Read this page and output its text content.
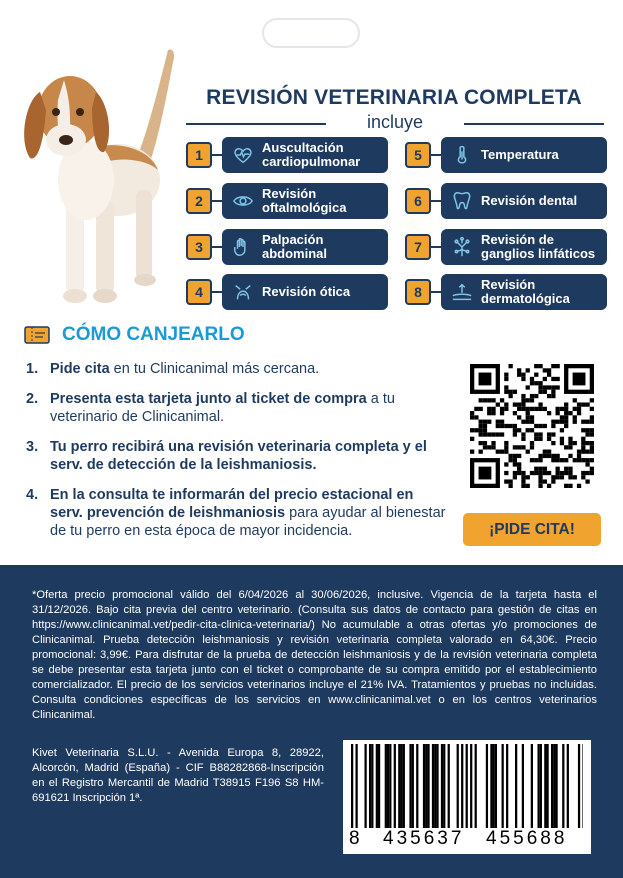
REVISIÓN VETERINARIA COMPLETA
incluye
1	Auscultación
cardiopulmonar
2	Revisión
oftalmológica
3	Palpación
abdominal
4	Revisión ótica
5	Temperatura
6	Revisión dental
7	Revisión de
ganglios linfáticos
8	Revisión
dermatológica
CÓMO CANJEARLO
1. Pide cita en tu Clinicanimal más cercana.
2. Presenta esta tarjeta junto al ticket de compra a tu veterinario de Clinicanimal.
3. Tu perro recibirá una revisión veterinaria completa y el serv. de detección de la leishmaniosis.
4. En la consulta te informarán del precio estacional en serv. prevención de leishmaniosis para ayudar al bienestar de tu perro en esta época de mayor incidencia.	¡PIDE CITA!

*Oferta precio promocional válido del 6/04/2026 al 30/06/2026, inclusive. Vigencia de la tarjeta hasta el 31/12/2026. Bajo cita previa del centro veterinario. (Consulta sus datos de contacto para gestión de citas en https://www.clinicanimal.vet/pedir-cita-clinica-veterinaria/) No acumulable a otras ofertas y/o promociones de Clinicanimal. Prueba detección leishmaniosis y revisión veterinaria completa valorado en 64,30€. Precio promocional: 3,99€. Para disfrutar de la prueba de detección leishmaniosis y de la revisión veterinaria completa se debe presentar esta tarjeta junto con el ticket o comprobante de su compra emitido por el establecimiento comercializador. El precio de los servicios veterinarios incluye el 21% IVA. Tratamientos y pruebas no incluidas. Consulta condiciones específicas de los servicios en www.clinicanimal.vet o en los centros veterinarios Clinicanimal.

Kivet Veterinaria S.L.U. - Avenida Europa 8, 28922, Alcorcón, Madrid (España) - CIF B88282868-Inscripción en el Registro Mercantil de Madrid T38915 F196 S8 HM-691621 Inscripción 1ª.

8 435637 455688
